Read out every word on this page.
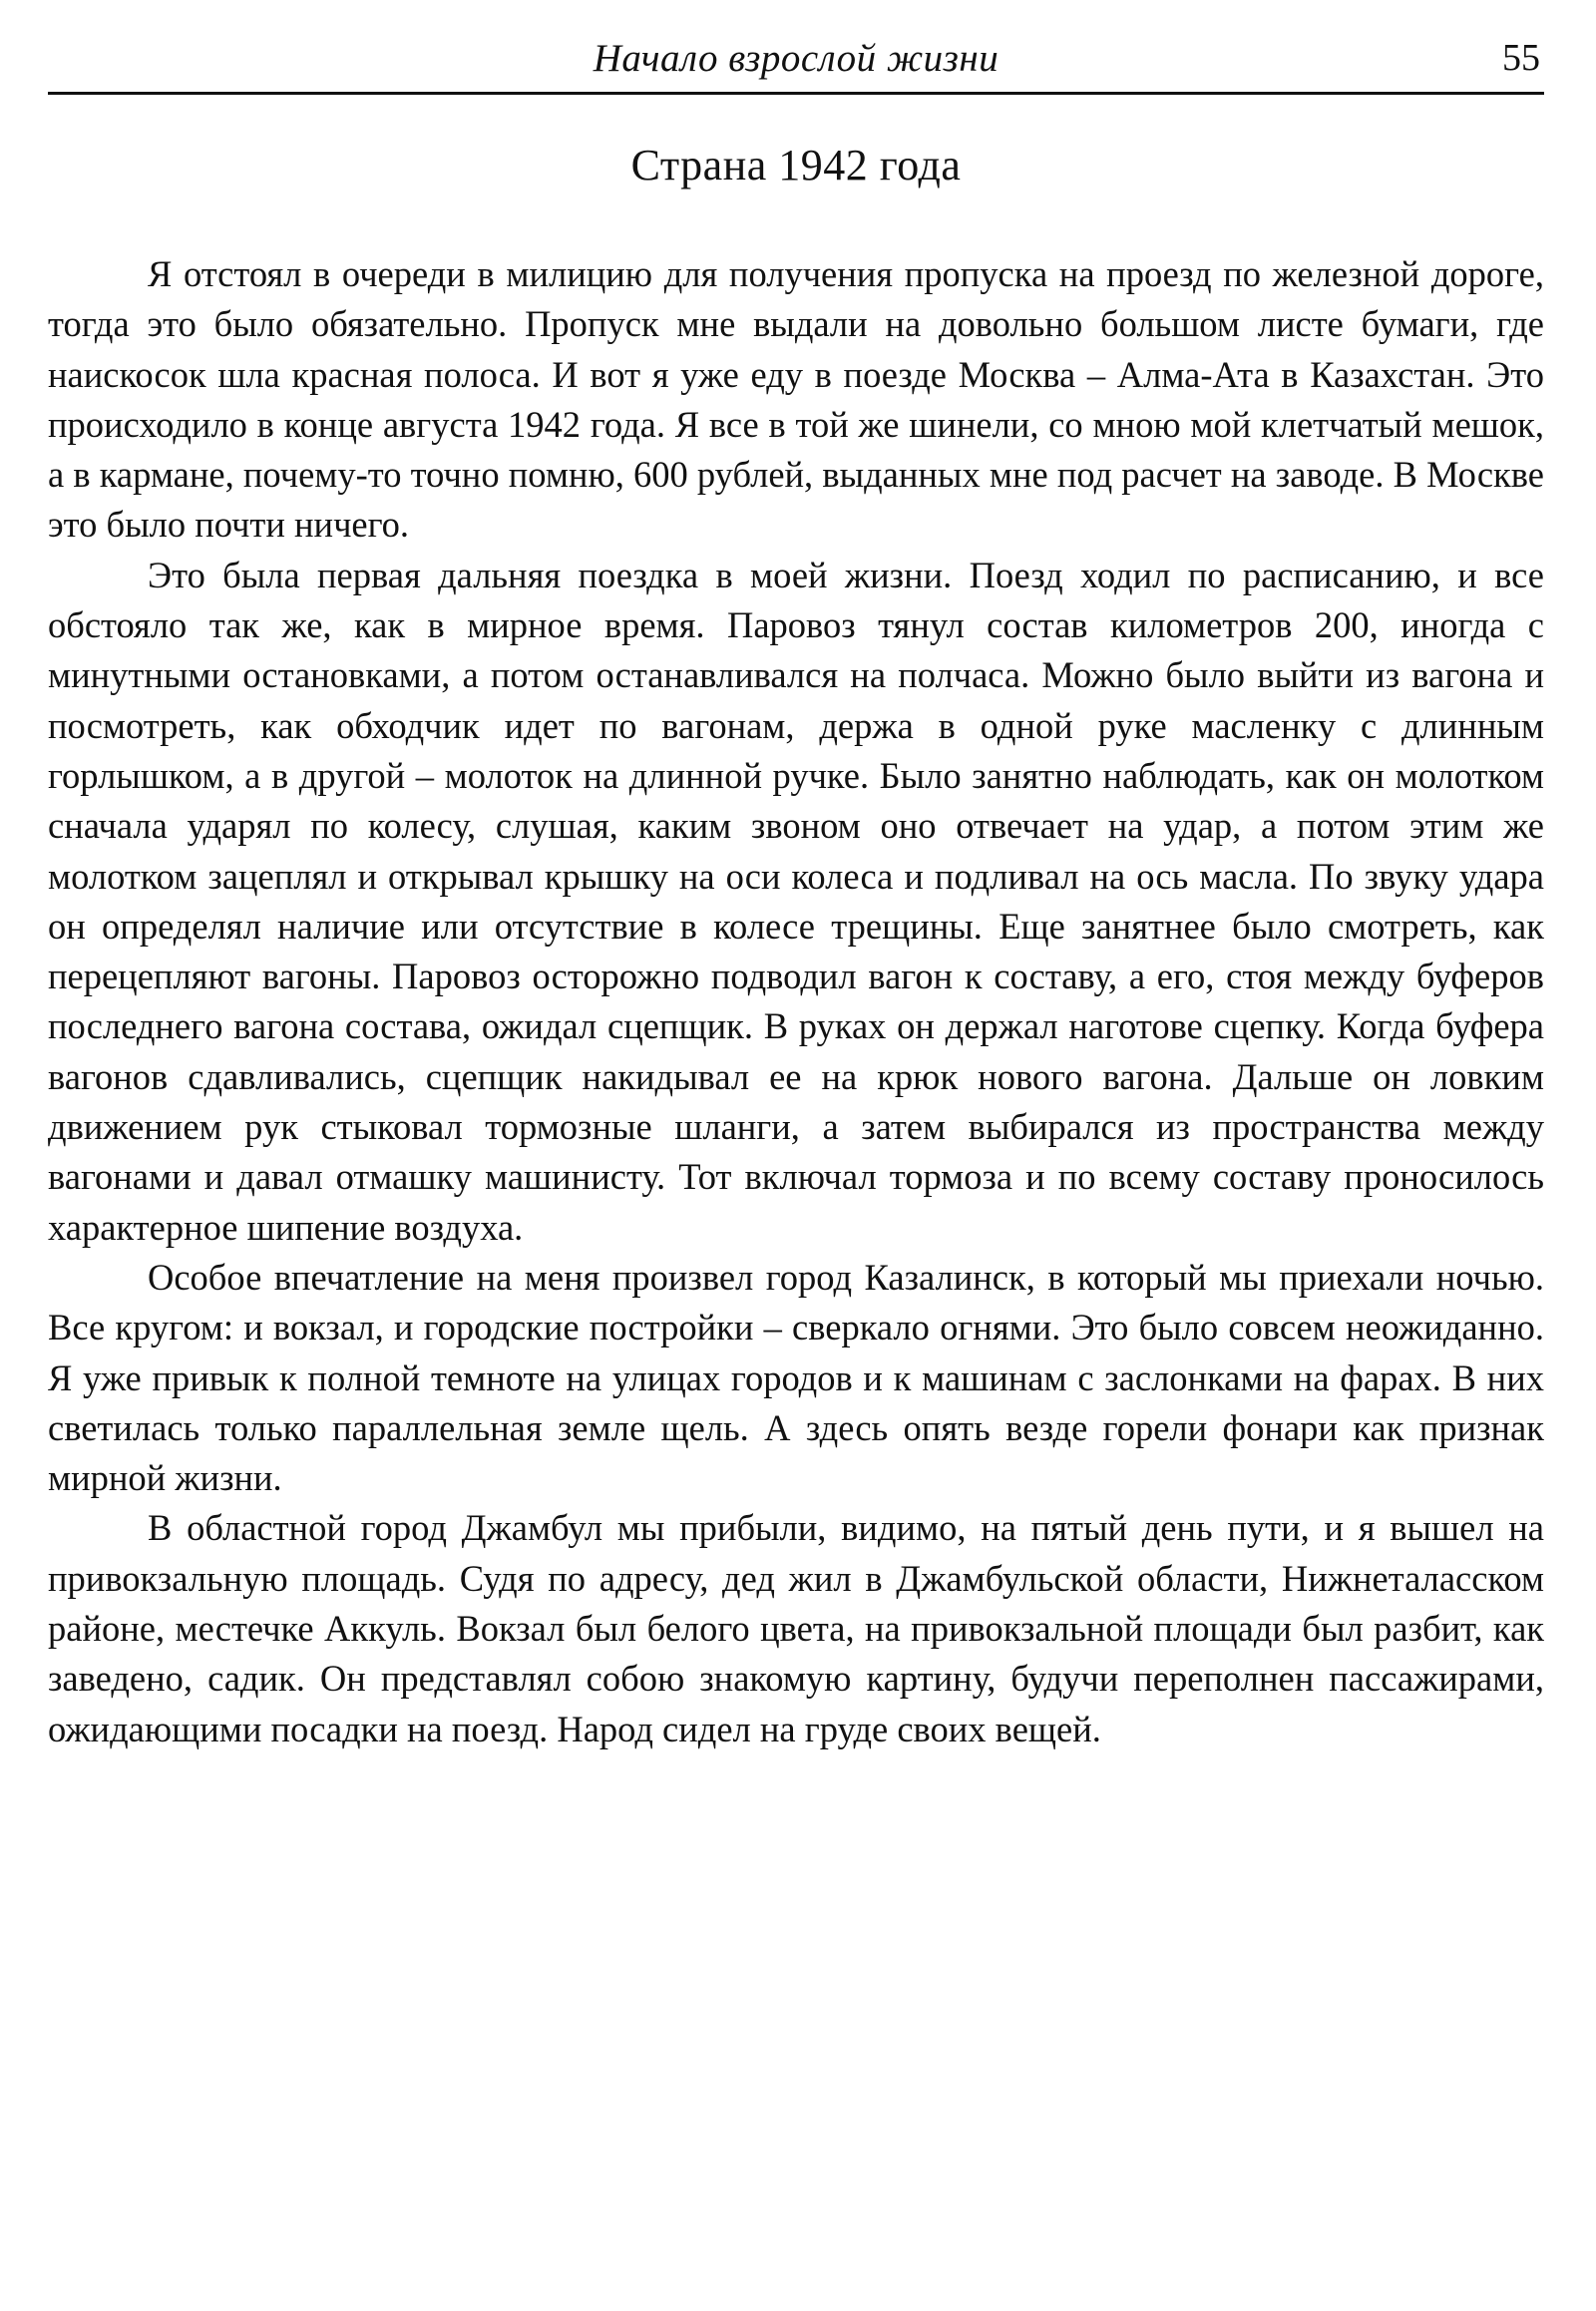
Начало взрослой жизни	55
Страна 1942 года

Я отстоял в очереди в милицию для получения пропуска на проезд по железной дороге, тогда это было обязательно. Пропуск мне выдали на довольно большом листе бумаги, где наискосок шла красная полоса. И вот я уже еду в поезде Москва – Алма-Ата в Казахстан. Это происходило в конце августа 1942 года. Я все в той же шинели, со мною мой клетчатый мешок, а в кармане, почему-то точно помню, 600 рублей, выданных мне под расчет на заводе. В Москве это было почти ничего.

Это была первая дальняя поездка в моей жизни. Поезд ходил по расписанию, и все обстояло так же, как в мирное время. Паровоз тянул состав километров 200, иногда с минутными остановками, а потом останавливался на полчаса. Можно было выйти из вагона и посмотреть, как обходчик идет по вагонам, держа в одной руке масленку с длинным горлышком, а в другой – молоток на длинной ручке. Было занятно наблюдать, как он молотком сначала ударял по колесу, слушая, каким звоном оно отвечает на удар, а потом этим же молотком зацеплял и открывал крышку на оси колеса и подливал на ось масла. По звуку удара он определял наличие или отсутствие в колесе трещины. Еще занятнее было смотреть, как перецепляют вагоны. Паровоз осторожно подводил вагон к составу, а его, стоя между буферов последнего вагона состава, ожидал сцепщик. В руках он держал наготове сцепку. Когда буфера вагонов сдавливались, сцепщик накидывал ее на крюк нового вагона. Дальше он ловким движением рук стыковал тормозные шланги, а затем выбирался из пространства между вагонами и давал отмашку машинисту. Тот включал тормоза и по всему составу проносилось характерное шипение воздуха.

Особое впечатление на меня произвел город Казалинск, в который мы приехали ночью. Все кругом: и вокзал, и городские постройки – сверкало огнями. Это было совсем неожиданно. Я уже привык к полной темноте на улицах городов и к машинам с заслонками на фарах. В них светилась только параллельная земле щель. А здесь опять везде горели фонари как признак мирной жизни.

В областной город Джамбул мы прибыли, видимо, на пятый день пути, и я вышел на привокзальную площадь. Судя по адресу, дед жил в Джамбульской области, Нижнеталасском районе, местечке Аккуль. Вокзал был белого цвета, на привокзальной площади был разбит, как заведено, садик. Он представлял собою знакомую картину, будучи переполнен пассажирами, ожидающими посадки на поезд. Народ сидел на груде своих вещей.
